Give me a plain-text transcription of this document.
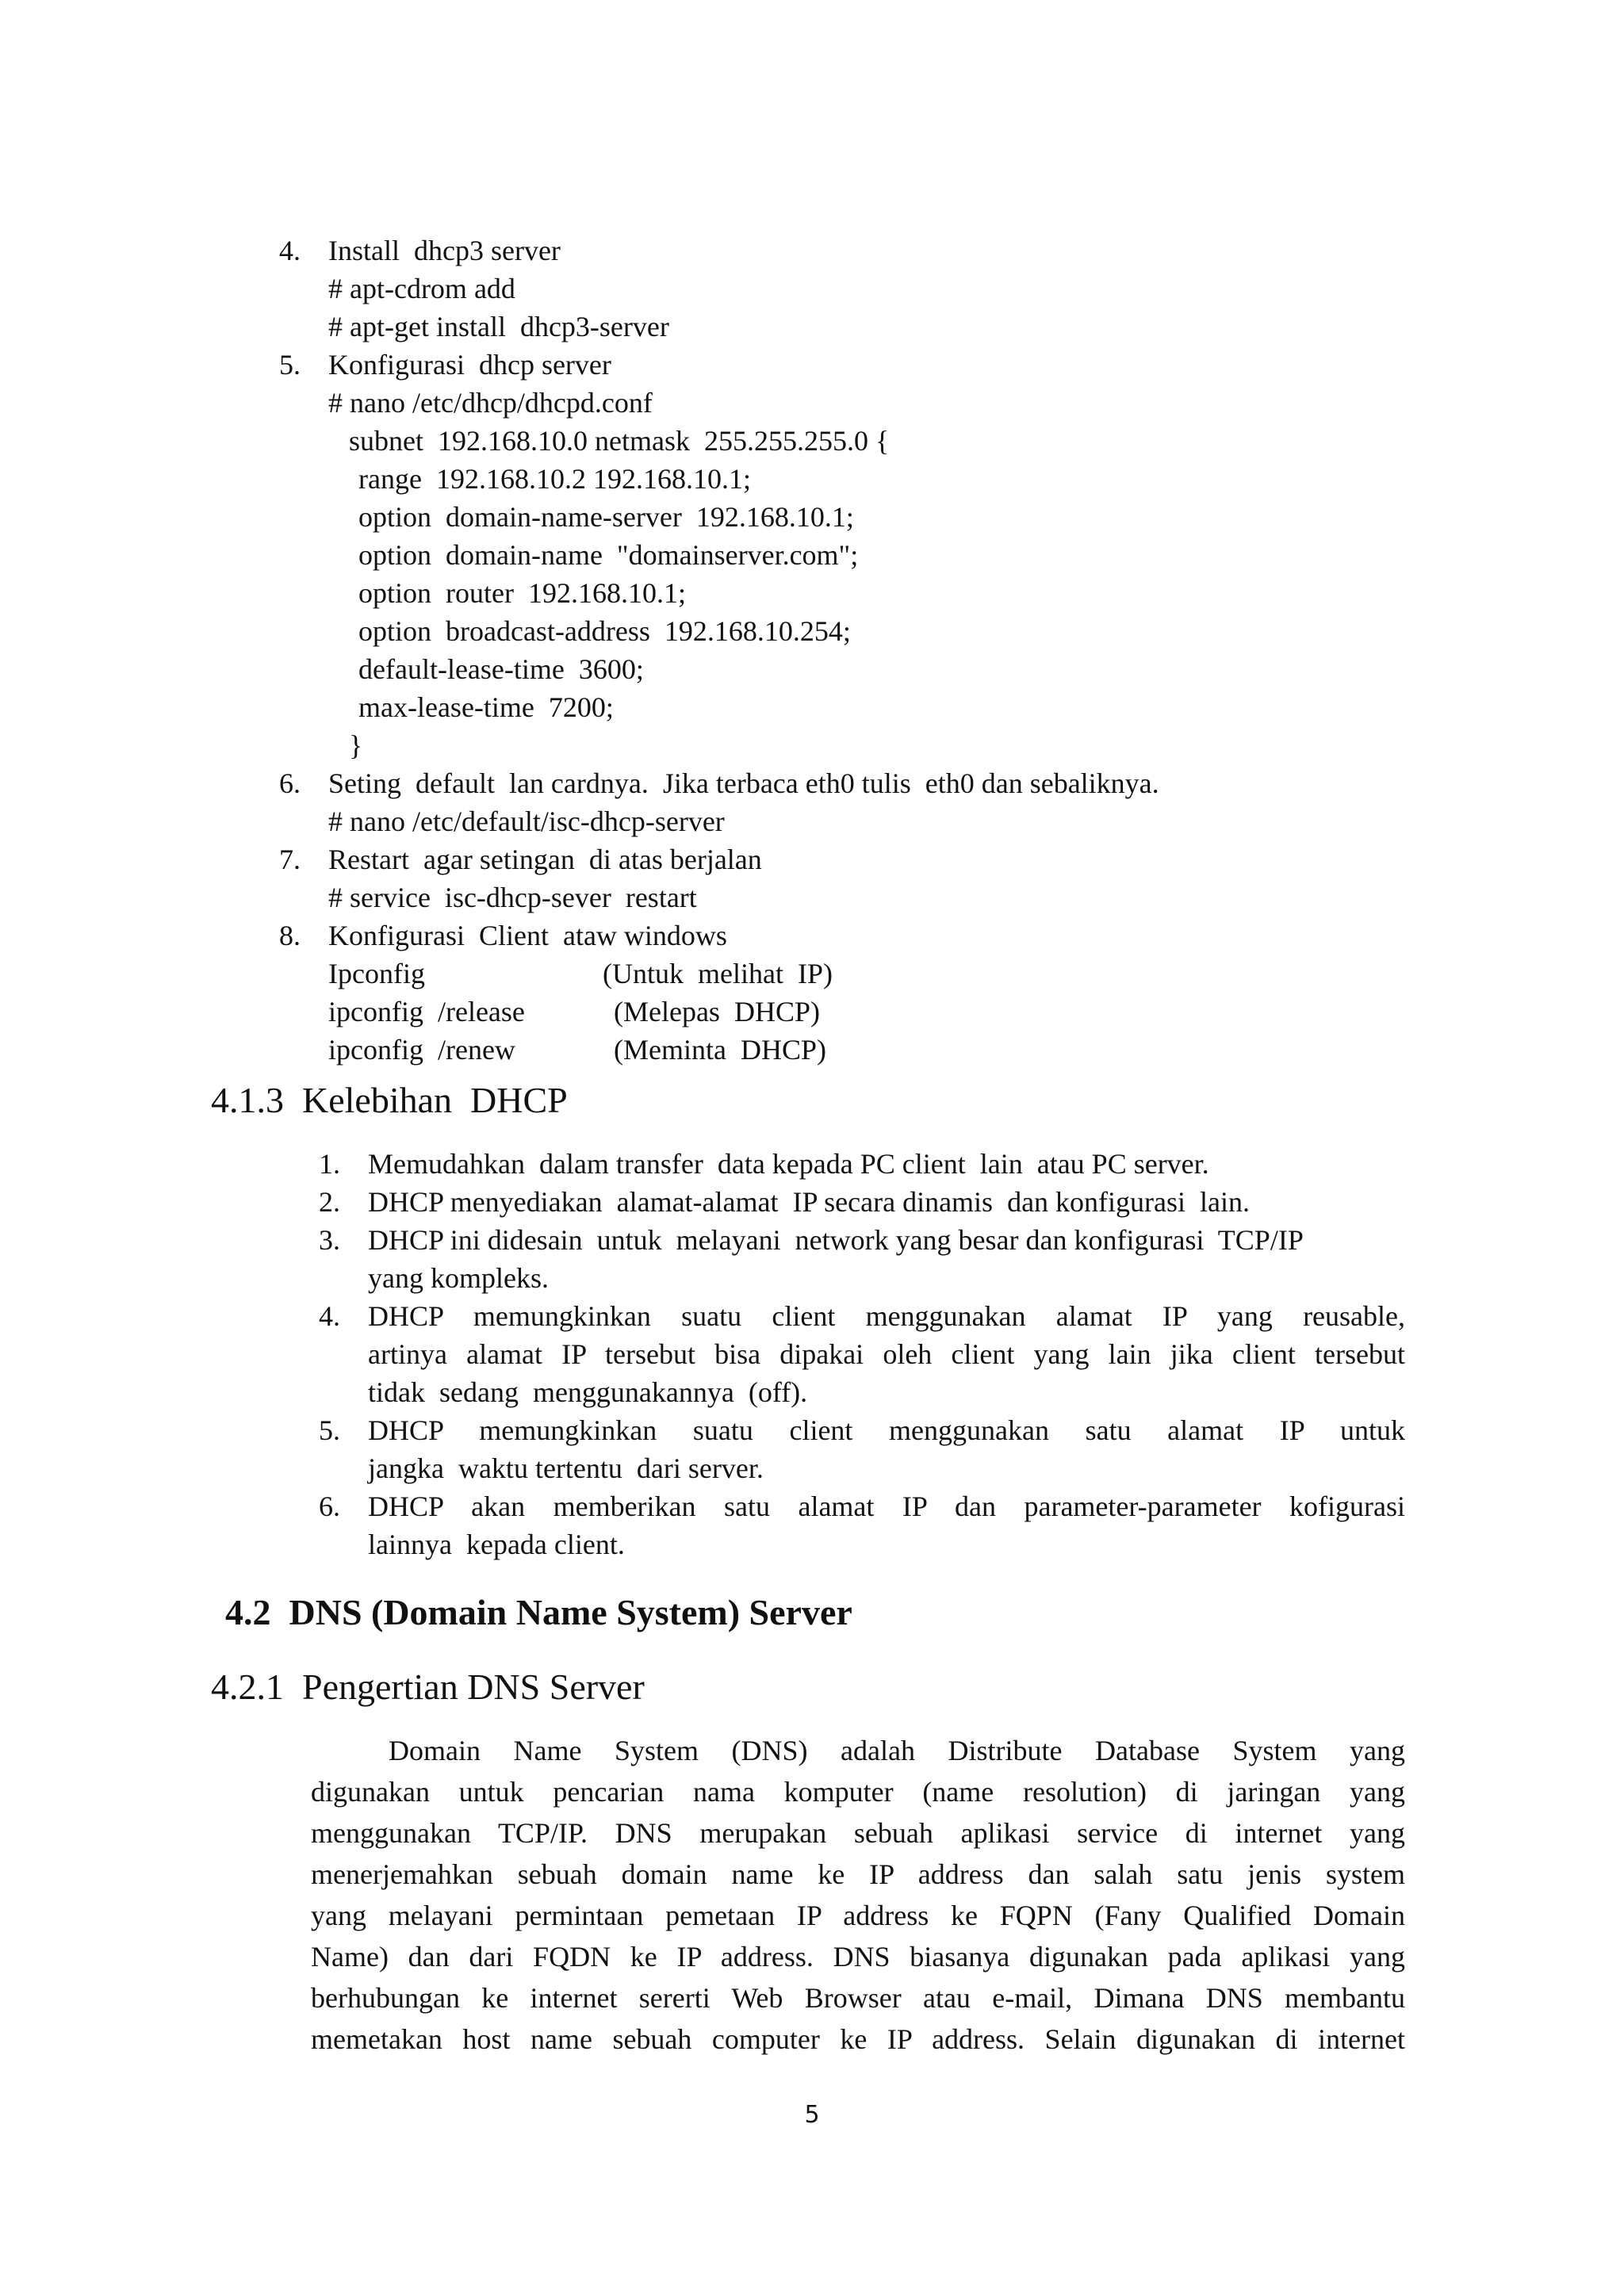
4. Install  dhcp3 server
# apt-cdrom add
# apt-get install  dhcp3-server
5. Konfigurasi  dhcp server
# nano /etc/dhcp/dhcpd.conf
subnet  192.168.10.0 netmask  255.255.255.0 {
range  192.168.10.2 192.168.10.1;
option  domain-name-server  192.168.10.1;
option  domain-name  "domainserver.com";
option  router  192.168.10.1;
option  broadcast-address  192.168.10.254;
default-lease-time  3600;
max-lease-time  7200;
}
6. Seting  default  lan cardnya.  Jika terbaca eth0 tulis  eth0 dan sebaliknya.
# nano /etc/default/isc-dhcp-server
7. Restart  agar setingan  di atas berjalan
# service  isc-dhcp-sever  restart
8. Konfigurasi  Client  ataw windows
Ipconfig	(Untuk  melihat  IP)
ipconfig  /release	(Melepas  DHCP)
ipconfig  /renew	(Meminta  DHCP)
4.1.3  Kelebihan  DHCP
1. Memudahkan  dalam transfer  data kepada PC client  lain  atau PC server.
2. DHCP menyediakan  alamat-alamat  IP secara dinamis  dan konfigurasi  lain.
3. DHCP ini didesain  untuk  melayani  network yang besar dan konfigurasi  TCP/IP
yang kompleks.
4. DHCP memungkinkan suatu client menggunakan alamat IP yang reusable,
artinya alamat IP tersebut bisa dipakai oleh client yang lain jika client tersebut
tidak  sedang  menggunakannya  (off).
5. DHCP memungkinkan suatu client menggunakan satu alamat IP untuk
jangka  waktu tertentu  dari server.
6. DHCP akan memberikan satu alamat IP dan parameter-parameter kofigurasi
lainnya  kepada client.
4.2  DNS (Domain Name System) Server
4.2.1  Pengertian DNS Server
Domain Name System (DNS) adalah Distribute Database System yang
digunakan untuk pencarian nama komputer (name resolution) di jaringan yang
menggunakan TCP/IP. DNS merupakan sebuah aplikasi service di internet yang
menerjemahkan sebuah domain name ke IP address dan salah satu jenis system
yang melayani permintaan pemetaan IP address ke FQPN (Fany Qualified Domain
Name) dan dari FQDN ke IP address. DNS biasanya digunakan pada aplikasi yang
berhubungan ke internet sererti Web Browser atau e-mail, Dimana DNS membantu
memetakan host name sebuah computer ke IP address. Selain digunakan di internet
5
